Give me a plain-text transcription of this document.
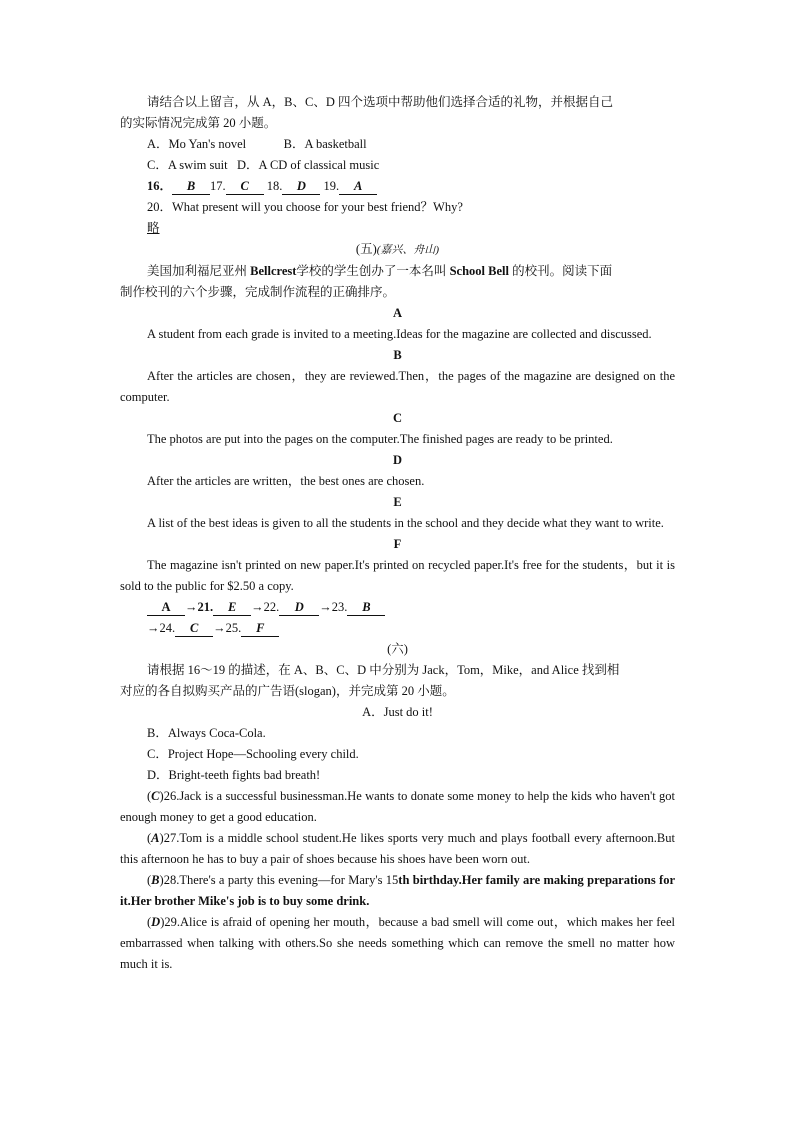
请结合以上留言，从 A，B、C、D 四个选项中帮助他们选择合适的礼物，并根据自己

的实际情况完成第 20 小题。

A．Mo Yan's novel	B．A basketball
C．A swim suit D．A CD of classical music
16． B 17. C 18. D 19. A
20．What present will you choose for your best friend？Why?
略

(五)(嘉兴、舟山)

美国加利福尼亚州 Bellcrest学校的学生创办了一本名叫 School Bell 的校刊。阅读下面

制作校刊的六个步骤，完成制作流程的正确排序。

A

A student from each grade is invited to a meeting.Ideas for the magazine are collected and discussed.

B

After the articles are chosen，they are reviewed.Then，the pages of the magazine are designed on the computer.

C

The photos are put into the pages on the computer.The finished pages are ready to be printed.

D

After the articles are written，the best ones are chosen.

E

A list of the best ideas is given to all the students in the school and they decide what they want to write.

F

The magazine isn't printed on new paper.It's printed on recycled paper.It's free for the students，but it is sold to the public for $2.50 a copy.

A →21. E →22. D →23. B
→24. C →25. F

(六)

请根据 16～19 的描述，在 A、B、C、D 中分别为 Jack，Tom，Mike，and Alice 找到相

对应的各自拟购买产品的广告语(slogan)，并完成第 20 小题。

A．Just do it!

B．Always Coca-Cola.
C．Project Hope—Schooling every child.
D．Bright-teeth fights bad breath!

(C)26.Jack is a successful businessman.He wants to donate some money to help the kids who haven't got enough money to get a good education.

(A)27.Tom is a middle school student.He likes sports very much and plays football every afternoon.But this afternoon he has to buy a pair of shoes because his shoes have been worn out.

(B)28.There's a party this evening—for Mary's 15th birthday.Her family are making preparations for it.Her brother Mike's job is to buy some drink.

(D)29.Alice is afraid of opening her mouth，because a bad smell will come out，which makes her feel embarrassed when talking with others.So she needs something which can remove the smell no matter how much it is.
